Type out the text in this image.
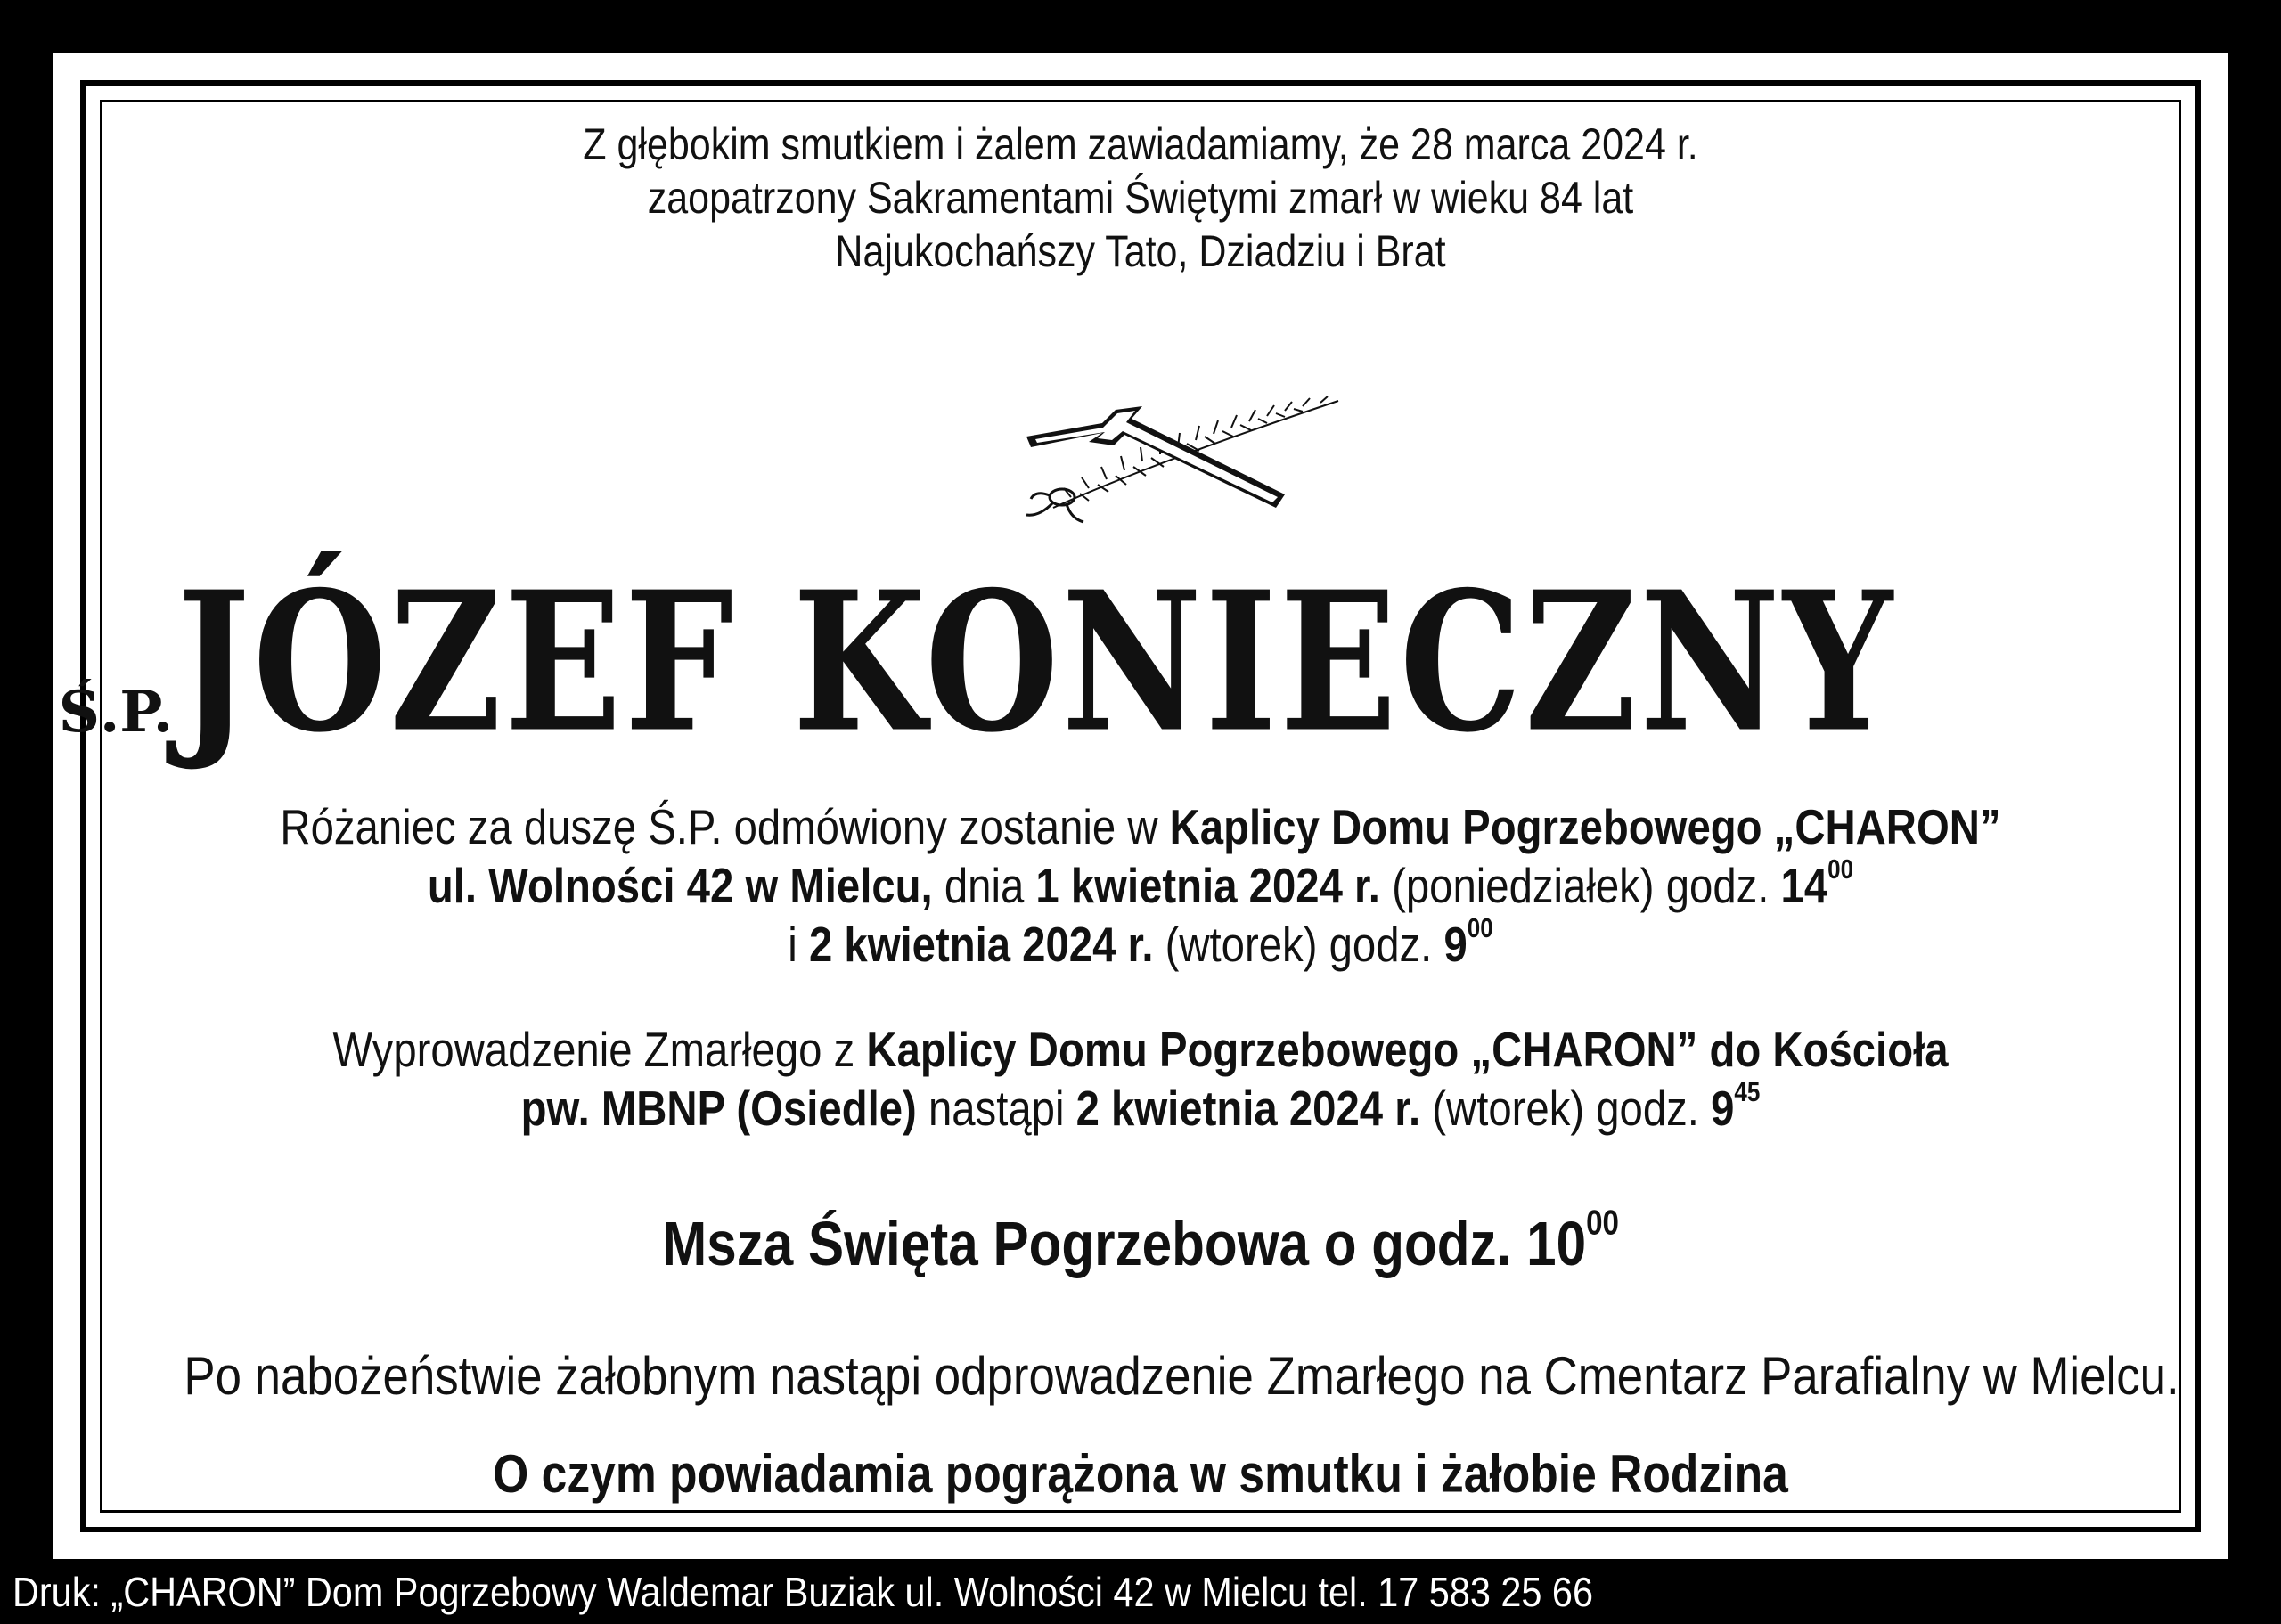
Z głębokim smutkiem i żalem zawiadamiamy, że 28 marca 2024 r.
zaopatrzony Sakramentami Świętymi zmarł w wieku 84 lat
Najukochańszy Tato, Dziadziu i Brat
Ś.P. JÓZEF KONIECZNY
Różaniec za duszę Ś.P. odmówiony zostanie w Kaplicy Domu Pogrzebowego „CHARON”
ul. Wolności 42 w Mielcu, dnia 1 kwietnia 2024 r. (poniedziałek) godz. $14^{00}$
i 2 kwietnia 2024 r. (wtorek) godz. $9^{00}$
Wyprowadzenie Zmarłego z Kaplicy Domu Pogrzebowego „CHARON” do Kościoła
pw. MBNP (Osiedle) nastąpi 2 kwietnia 2024 r. (wtorek) godz. $9^{45}$
Msza Święta Pogrzebowa o godz. $10^{00}$
Po nabożeństwie żałobnym nastąpi odprowadzenie Zmarłego na Cmentarz Parafialny w Mielcu.
O czym powiadamia pogrążona w smutku i żałobie Rodzina
Druk: „CHARON” Dom Pogrzebowy Waldemar Buziak ul. Wolności 42 w Mielcu tel. 17 583 25 66
